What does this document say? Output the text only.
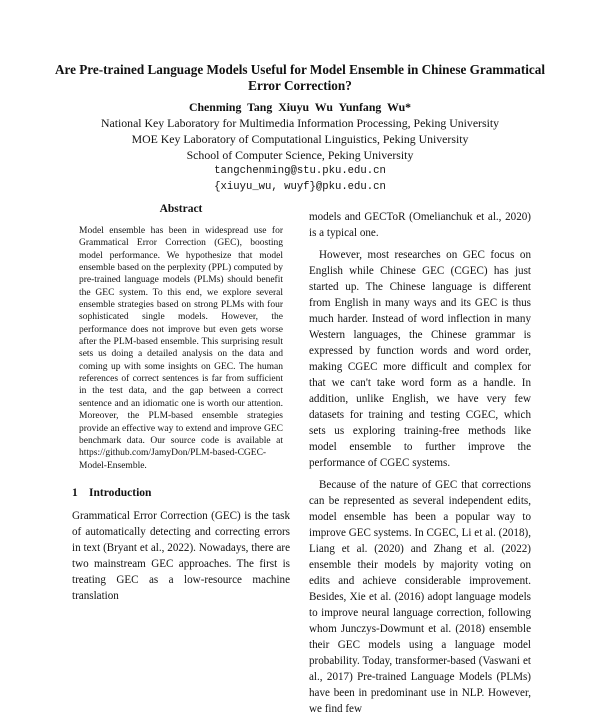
Are Pre-trained Language Models Useful for Model Ensemble in Chinese Grammatical Error Correction?
Chenming Tang Xiuyu Wu Yunfang Wu*
National Key Laboratory for Multimedia Information Processing, Peking University
MOE Key Laboratory of Computational Linguistics, Peking University
School of Computer Science, Peking University
tangchenming@stu.pku.edu.cn
{xiuyu_wu, wuyf}@pku.edu.cn
Abstract
Model ensemble has been in widespread use for Grammatical Error Correction (GEC), boosting model performance. We hypothesize that model ensemble based on the perplexity (PPL) computed by pre-trained language models (PLMs) should benefit the GEC system. To this end, we explore several ensemble strategies based on strong PLMs with four sophisticated single models. However, the performance does not improve but even gets worse after the PLM-based ensemble. This surprising result sets us doing a detailed analysis on the data and coming up with some insights on GEC. The human references of correct sentences is far from sufficient in the test data, and the gap between a correct sentence and an idiomatic one is worth our attention. Moreover, the PLM-based ensemble strategies provide an effective way to extend and improve GEC benchmark data. Our source code is available at https://github.com/JamyDon/PLM-based-CGEC-Model-Ensemble.
1 Introduction
Grammatical Error Correction (GEC) is the task of automatically detecting and correcting errors in text (Bryant et al., 2022). Nowadays, there are two mainstream GEC approaches. The first is treating GEC as a low-resource machine translation

models and GECToR (Omelianchuk et al., 2020) is a typical one.

However, most researches on GEC focus on English while Chinese GEC (CGEC) has just started up. The Chinese language is different from English in many ways and its GEC is thus much harder. Instead of word inflection in many Western languages, the Chinese grammar is expressed by function words and word order, making CGEC more difficult and complex for that we can't take word form as a handle. In addition, unlike English, we have very few datasets for training and testing CGEC, which sets us exploring training-free methods like model ensemble to further improve the performance of CGEC systems.

Because of the nature of GEC that corrections can be represented as several independent edits, model ensemble has been a popular way to improve GEC systems. In CGEC, Li et al. (2018), Liang et al. (2020) and Zhang et al. (2022) ensemble their models by majority voting on edits and achieve considerable improvement. Besides, Xie et al. (2016) adopt language models to improve neural language correction, following whom Junczys-Dowmunt et al. (2018) ensemble their GEC models using a language model probability. Today, transformer-based (Vaswani et al., 2017) Pre-trained Language Models (PLMs) have been in predominant use in NLP. However, we find few
